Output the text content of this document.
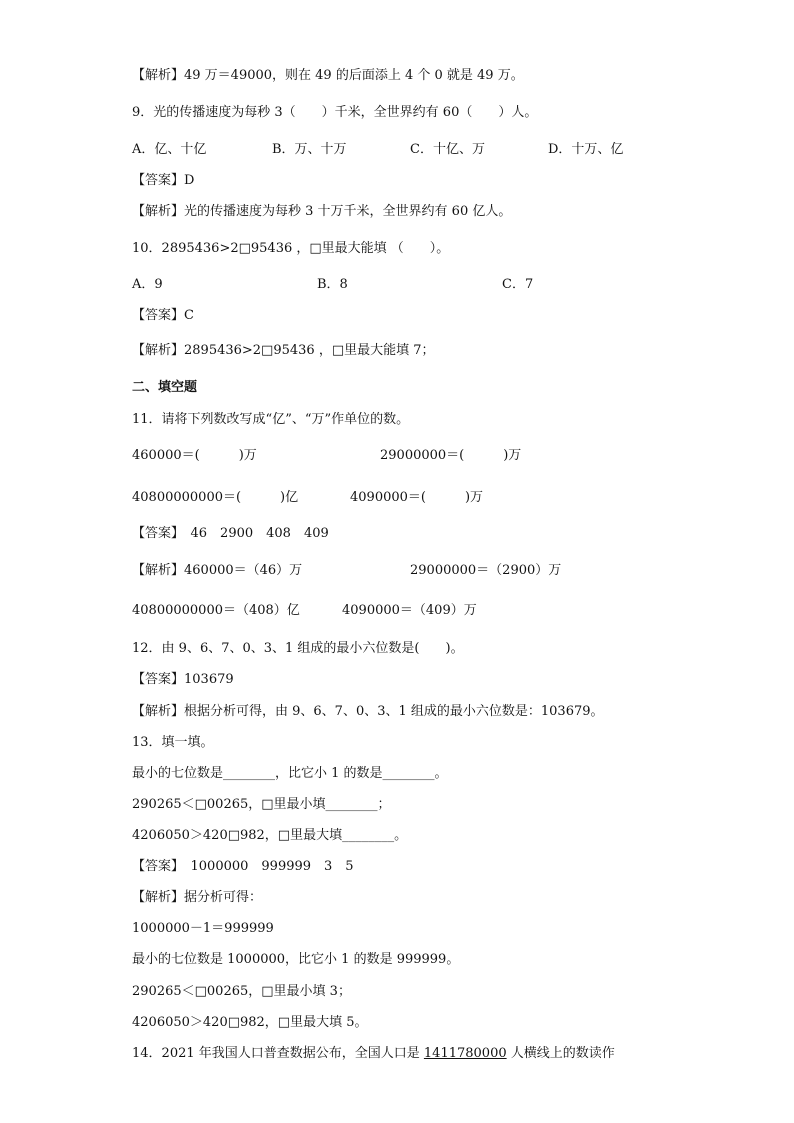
【解析】49 万＝49000，则在 49 的后面添上 4 个 0 就是 49 万。
9．光的传播速度为每秒 3（　　）千米，全世界约有 60（　　）人。
A．亿、十亿	B．万、十万	C．十亿、万	D．十万、亿
【答案】D
【解析】光的传播速度为每秒 3 十万千米，全世界约有 60 亿人。
10．2895436>2□95436 ，□里最大能填 （　　）。
A．9	B．8	C．7
【答案】C
【解析】2895436>2□95436 ，□里最大能填 7；
二、填空题
11．请将下列数改写成“亿”、“万”作单位的数。
460000＝(　　　)万	29000000＝(　　　)万
40800000000＝(　　　)亿	4090000＝(　　　)万
【答案】　46　2900　408　409
【解析】460000＝（46）万	29000000＝（2900）万
40800000000＝（408）亿	4090000＝（409）万
12．由 9、6、7、0、3、1 组成的最小六位数是(　　)。
【答案】103679
【解析】根据分析可得，由 9、6、7、0、3、1 组成的最小六位数是：103679。
13．填一填。
最小的七位数是________，比它小 1 的数是________。
290265＜□00265，□里最小填________；
4206050＞420□982，□里最大填________。
【答案】　1000000　999999　3　5
【解析】据分析可得：
1000000－1＝999999
最小的七位数是 1000000，比它小 1 的数是 999999。
290265＜□00265，□里最小填 3；
4206050＞420□982，□里最大填 5。
14．2021 年我国人口普查数据公布，全国人口是 1411780000 人横线上的数读作
